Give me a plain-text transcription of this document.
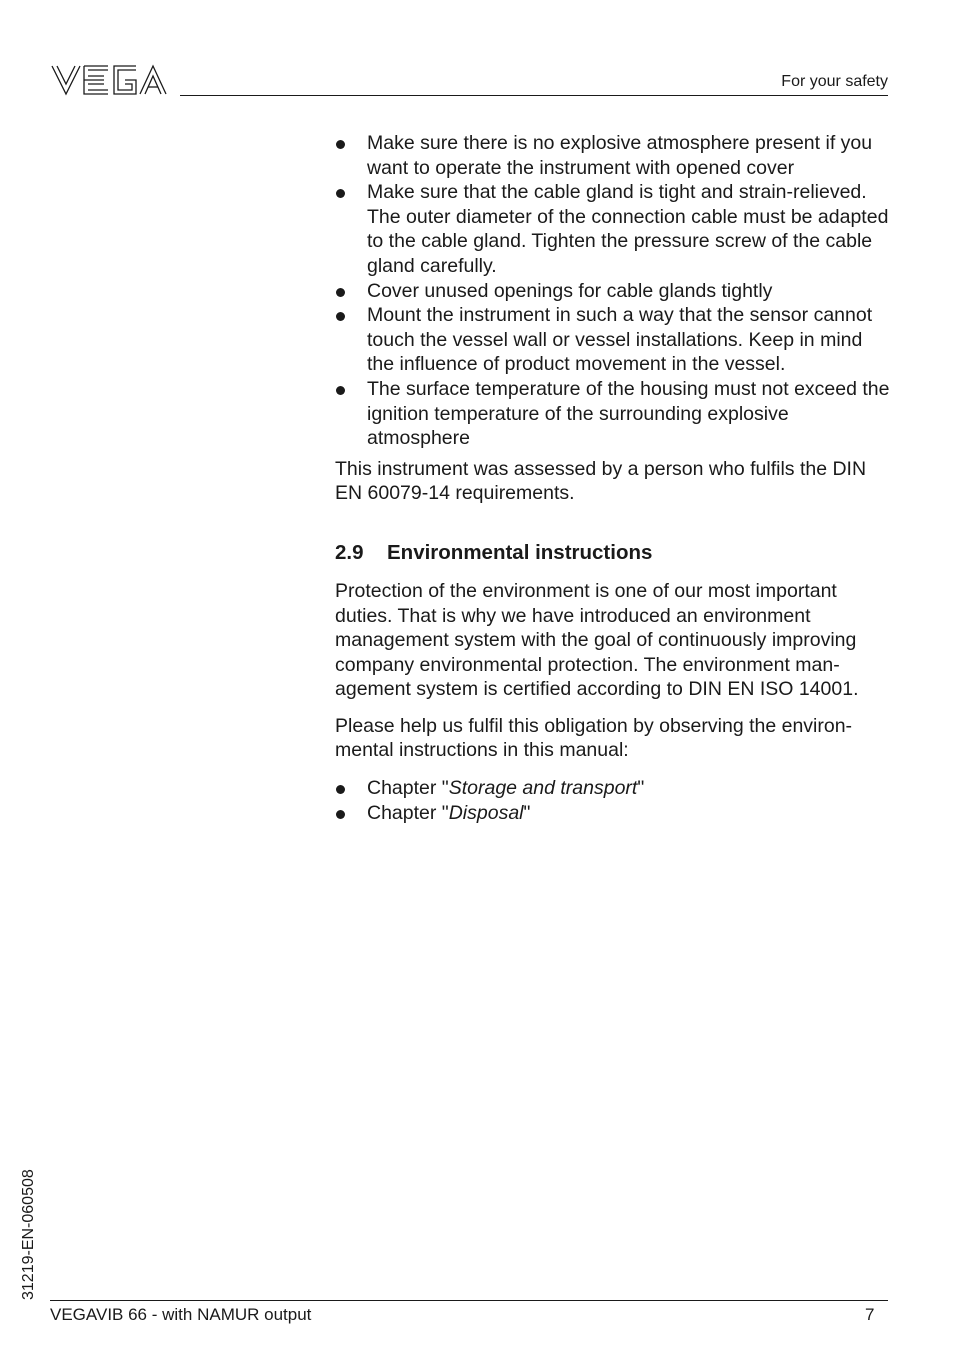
For your safety
Make sure there is no explosive atmosphere present if you want to operate the instrument with opened cover
Make sure that the cable gland is tight and strain-relieved. The outer diameter of the connection cable must be adapted to the cable gland. Tighten the pressure screw of the cable gland carefully.
Cover unused openings for cable glands tightly
Mount the instrument in such a way that the sensor cannot touch the vessel wall or vessel installations. Keep in mind the influence of product movement in the vessel.
The surface temperature of the housing must not exceed the ignition temperature of the surrounding explosive atmosphere

This instrument was assessed by a person who fulfils the DIN EN 60079-14 requirements.

2.9 Environmental instructions

Protection of the environment is one of our most important duties. That is why we have introduced an environment management system with the goal of continuously improving company environmental protection. The environment man-agement system is certified according to DIN EN ISO 14001.

Please help us fulfil this obligation by observing the environ-mental instructions in this manual:

Chapter "Storage and transport"
Chapter "Disposal"
31219-EN-060508
VEGAVIB 66 - with NAMUR output	7
